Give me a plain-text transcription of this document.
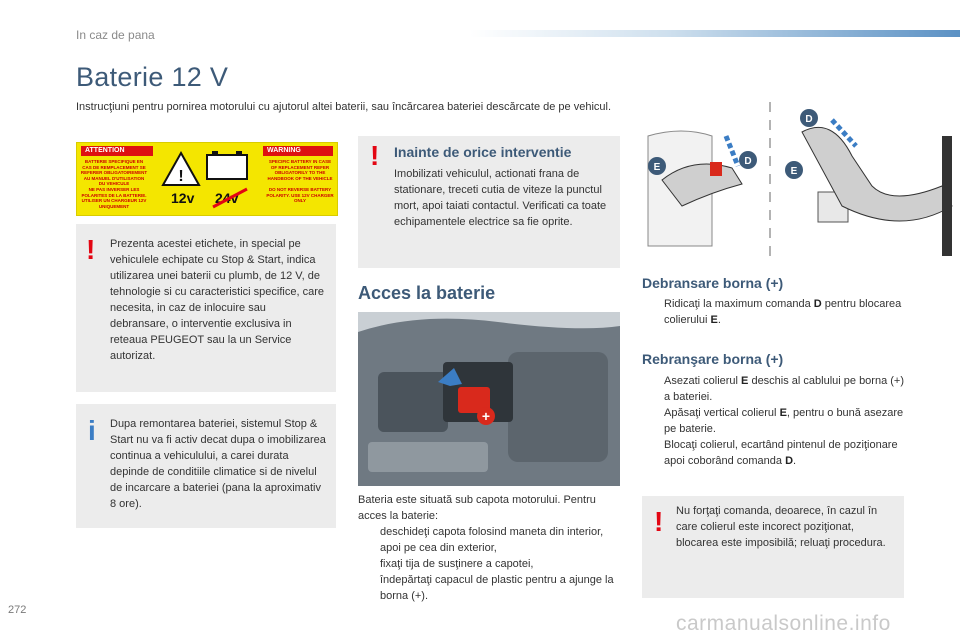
In caz de pana
Baterie 12 V
Instrucţiuni pentru pornirea motorului cu ajutorul altei baterii, sau încărcarea bateriei descărcate de pe vehicul.
ATTENTION	WARNING
BATTERIE SPECIFIQUE EN CAS DE REMPLACEMENT SE REFERER OBLIGATOIREMENT AU MANUEL D'UTILISATION DU VEHICULE
NE PAS INVERSER LES POLARITES DE LA BATTERIE. UTILISER UN CHARGEUR 12V UNIQUEMENT
SPECIFIC BATTERY IN CASE OF REPLACEMENT REFER OBLIGATORILY TO THE HANDBOOK OF THE VEHICLE
DO NOT REVERSE BATTERY POLARITY. USE 12V CHARGER ONLY
!
12v 24v
! Prezenta acestei etichete, in special pe vehiculele echipate cu Stop & Start, indica utilizarea unei baterii cu plumb, de 12 V, de tehnologie si cu caracteristici specifice, care necesita, in caz de inlocuire sau debransare, o interventie exclusiva in reteaua PEUGEOT sau la un Service autorizat.
i Dupa remontarea bateriei, sistemul Stop & Start nu va fi activ decat dupa o imobilizarea continua a vehiculului, a carei durata depinde de conditiile climatice si de nivelul de incarcare a bateriei (pana la aproximativ 8 ore).
! Inainte de orice interventie
Imobilizati vehiculul, actionati frana de stationare, treceti cutia de viteze la punctul mort, apoi taiati contactul. Verificati ca toate echipamentele electrice sa fie oprite.
Acces la baterie
+
Bateria este situată sub capota motorului. Pentru acces la baterie:
deschideţi capota folosind maneta din interior, apoi pe cea din exterior,
fixaţi tija de susţinere a capotei,
îndepărtaţi capacul de plastic pentru a ajunge la borna (+).
E
D
D
E
Debransare borna (+)
Ridicaţi la maximum comanda D pentru blocarea colierului E.
Rebranşare borna (+)
Asezati colierul E deschis al cablului pe borna (+) a bateriei.
Apăsaţi vertical colierul E, pentru o bună asezare pe baterie.
Blocaţi colierul, ecartând pintenul de poziţionare apoi coborând comanda D.
! Nu forţaţi comanda, deoarece, în cazul în care colierul este incorect poziţionat, blocarea este imposibilă; reluaţi procedura.
272
carmanualsonline.info
